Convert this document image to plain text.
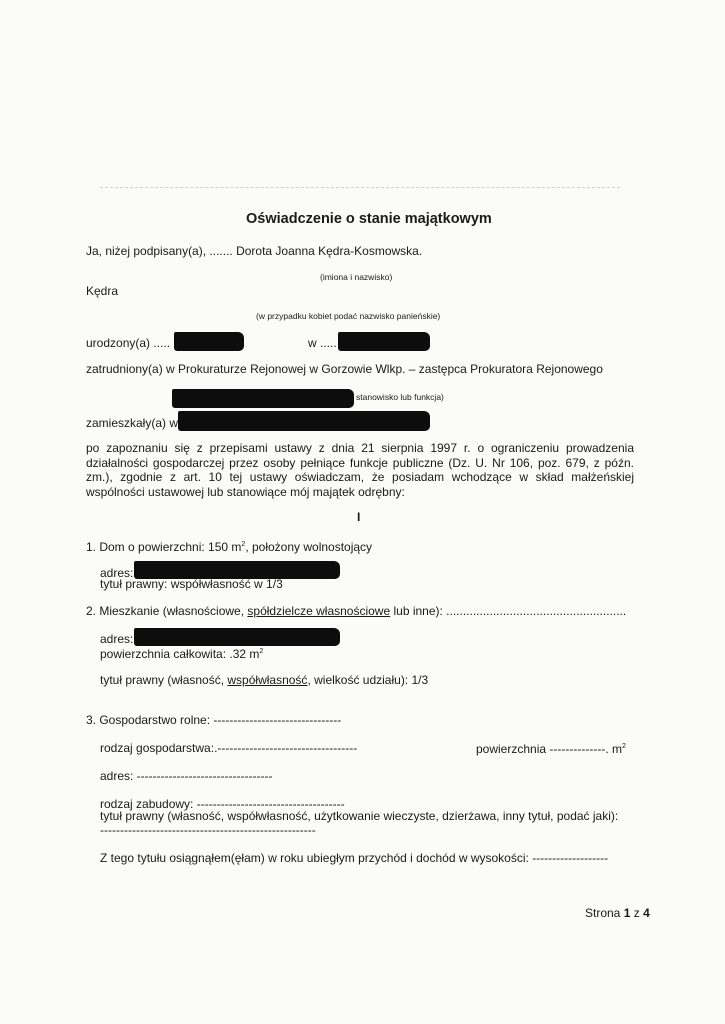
Oświadczenie o stanie majątkowym
Ja, niżej podpisany(a), ....... Dorota Joanna Kędra-Kosmowska.
(imiona i nazwisko)
Kędra
(w przypadku kobiet podać nazwisko panieńskie)
urodzony(a) .....	w .....
zatrudniony(a) w Prokuraturze Rejonowej w Gorzowie Wlkp. – zastępca Prokuratora Rejonowego
stanowisko lub funkcja)
zamieszkały(a) w
po zapoznaniu się z przepisami ustawy z dnia 21 sierpnia 1997 r. o ograniczeniu prowadzenia działalności gospodarczej przez osoby pełniące funkcje publiczne (Dz. U. Nr 106, poz. 679, z późn. zm.), zgodnie z art. 10 tej ustawy oświadczam, że posiadam wchodzące w skład małżeńskiej wspólności ustawowej lub stanowiące mój majątek odrębny:
I
1. Dom o powierzchni: 150 $m^2$, położony wolnostojący
adres:
tytuł prawny: współwłasność w 1/3
2. Mieszkanie (własnościowe, spółdzielcze własnościowe lub inne): ......................................................
adres:
powierzchnia całkowita: .32 $m^2$
tytuł prawny (własność, współwłasność, wielkość udziału): 1/3
3. Gospodarstwo rolne: --------------------------------
rodzaj gospodarstwa:.-----------------------------------	powierzchnia --------------. $m^2$
adres: ----------------------------------
rodzaj zabudowy: -------------------------------------
tytuł prawny (własność, współwłasność, użytkowanie wieczyste, dzierżawa, inny tytuł, podać jaki):
------------------------------------------------------
Z tego tytułu osiągnąłem(ęłam) w roku ubiegłym przychód i dochód w wysokości: -------------------
Strona 1 z 4
